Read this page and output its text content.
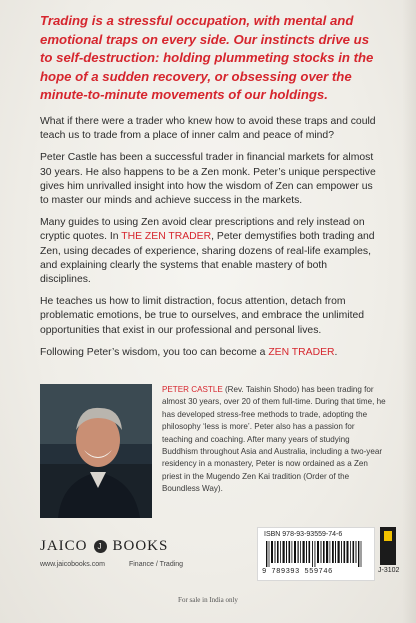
Trading is a stressful occupation, with mental and emotional traps on every side. Our instincts drive us to self-destruction: holding plummeting stocks in the hope of a sudden recovery, or obsessing over the minute-to-minute movements of our holdings.

What if there were a trader who knew how to avoid these traps and could teach us to trade from a place of inner calm and peace of mind?

Peter Castle has been a successful trader in financial markets for almost 30 years. He also happens to be a Zen monk. Peter’s unique perspective gives him unrivalled insight into how the wisdom of Zen can empower us to master our minds and achieve success in the markets.

Many guides to using Zen avoid clear prescriptions and rely instead on cryptic quotes. In THE ZEN TRADER, Peter demystifies both trading and Zen, using decades of experience, sharing dozens of real-life examples, and explaining clearly the systems that enable mastery of both disciplines.

He teaches us how to limit distraction, focus attention, detach from problematic emotions, be true to ourselves, and embrace the unlimited opportunities that exist in our professional and personal lives.

Following Peter’s wisdom, you too can become a ZEN TRADER.

PETER CASTLE (Rev. Taishin Shodo) has been trading for almost 30 years, over 20 of them full-time. During that time, he has developed stress-free methods to trade, adopting the philosophy ‘less is more’. Peter also has a passion for teaching and coaching. After many years of studying Buddhism throughout Asia and Australia, including a two-year residency in a monastery, Peter is now ordained as a Zen priest in the Mugendo Zen Kai tradition (Order of the Boundless Way).

JAICO	J BOOKS
www.jaicobooks.com	Finance / Trading
ISBN 978-93-93559-74-6
9 789393 559746	J-3102
For sale in India only
